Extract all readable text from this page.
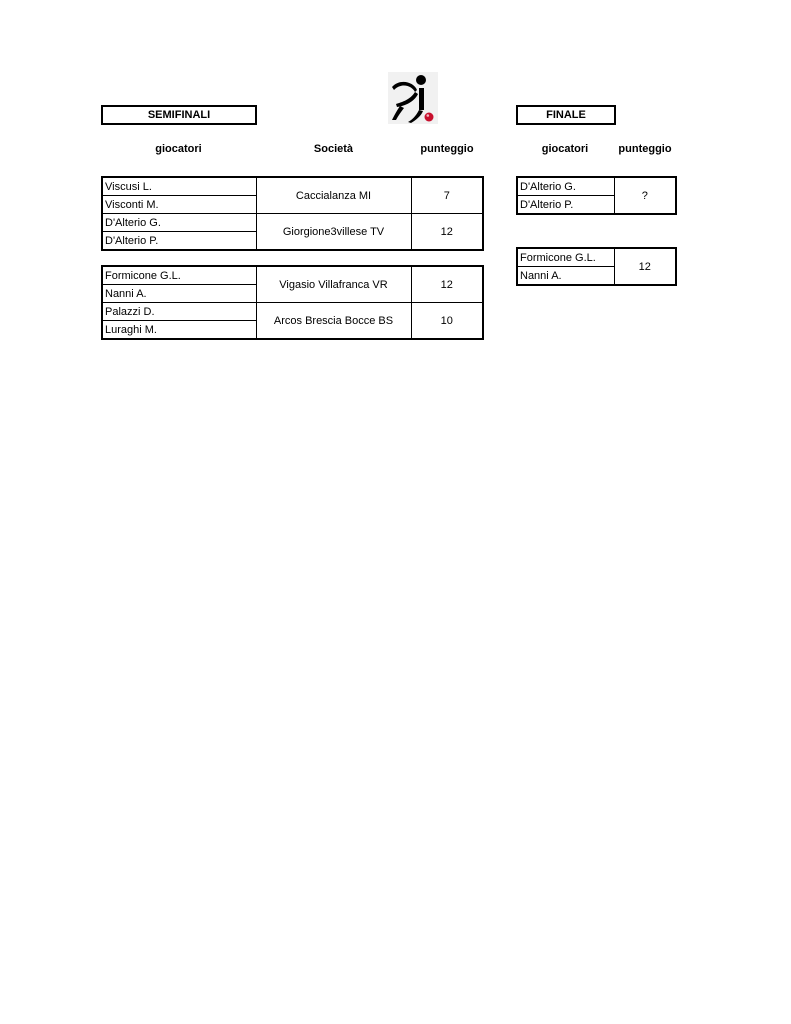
SEMIFINALI	FINALE
giocatori	Società	punteggio	giocatori	punteggio
Viscusi L.	Caccialanza MI	7
Visconti M.		
D'Alterio G.	Giorgione3villese TV	12
D'Alterio P.		
Formicone G.L.	Vigasio Villafranca VR	12
Nanni A.		
Palazzi D.	Arcos Brescia Bocce BS	10
Luraghi M.		
D'Alterio G.	?
D'Alterio P.
Formicone G.L.	12
Nanni A.
